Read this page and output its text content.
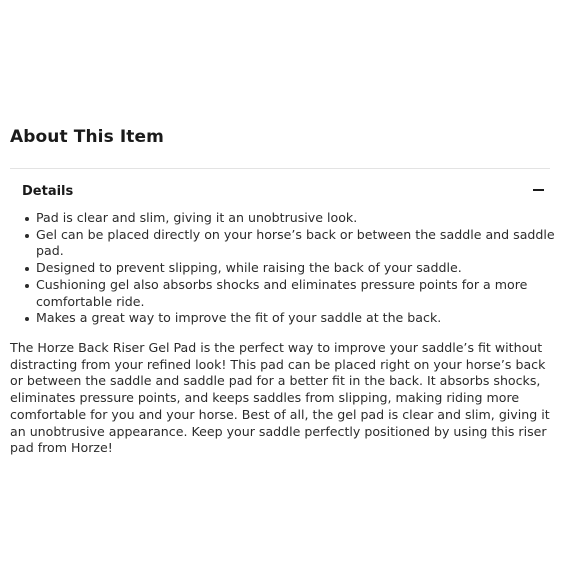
About This Item
Details
Pad is clear and slim, giving it an unobtrusive look.
Gel can be placed directly on your horse’s back or between the saddle and saddle pad.
Designed to prevent slipping, while raising the back of your saddle.
Cushioning gel also absorbs shocks and eliminates pressure points for a more comfortable ride.
Makes a great way to improve the fit of your saddle at the back.

The Horze Back Riser Gel Pad is the perfect way to improve your saddle’s fit without distracting from your refined look! This pad can be placed right on your horse’s back or between the saddle and saddle pad for a better fit in the back. It absorbs shocks, eliminates pressure points, and keeps saddles from slipping, making riding more comfortable for you and your horse. Best of all, the gel pad is clear and slim, giving it an unobtrusive appearance. Keep your saddle perfectly positioned by using this riser pad from Horze!
